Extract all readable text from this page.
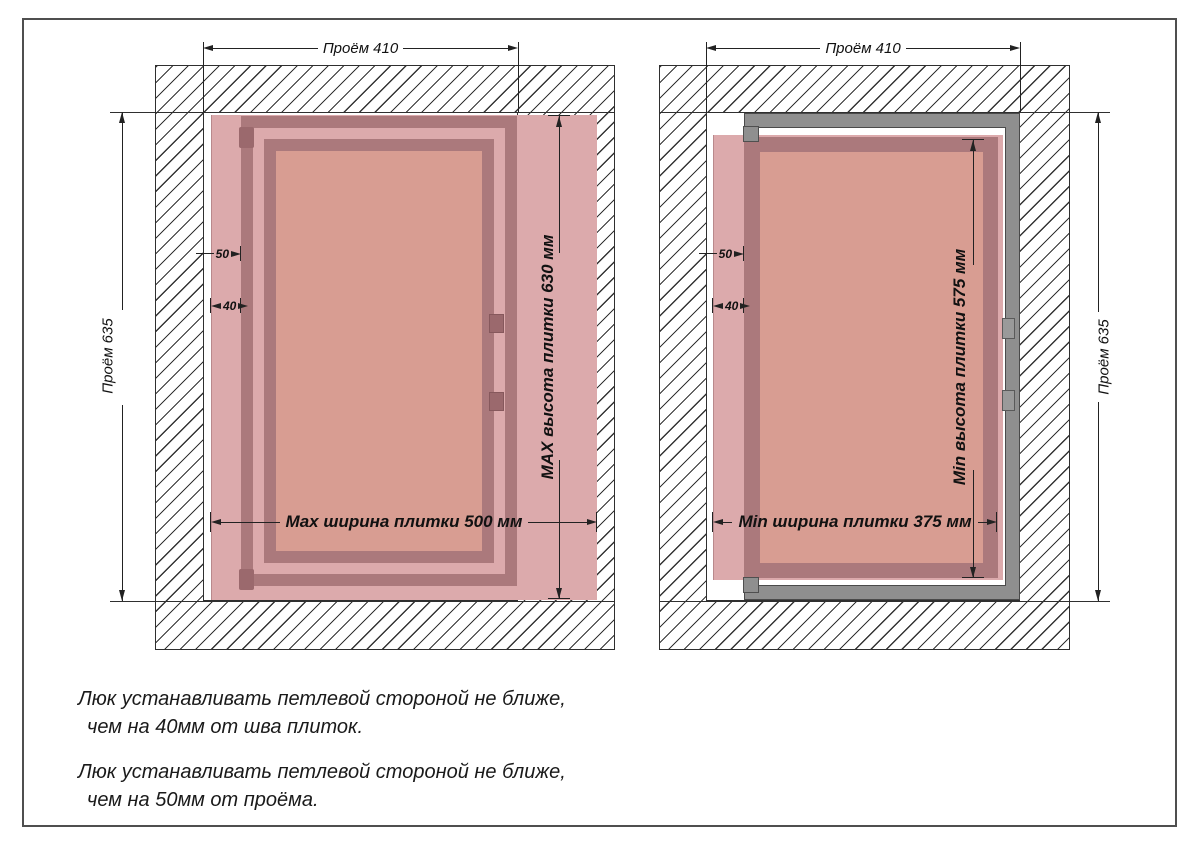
Проём 410
Проём 635
50
40
Max ширина плитки 500 мм
MAX высота плитки 630 мм
Проём 410
Проём 635
50
40
Min ширина плитки 375 мм
Min высота плитки 575 мм
Люк устанавливать петлевой стороной не ближе,
чем на 40мм от шва плиток.
Люк устанавливать петлевой стороной не ближе,
чем на 50мм от проёма.
